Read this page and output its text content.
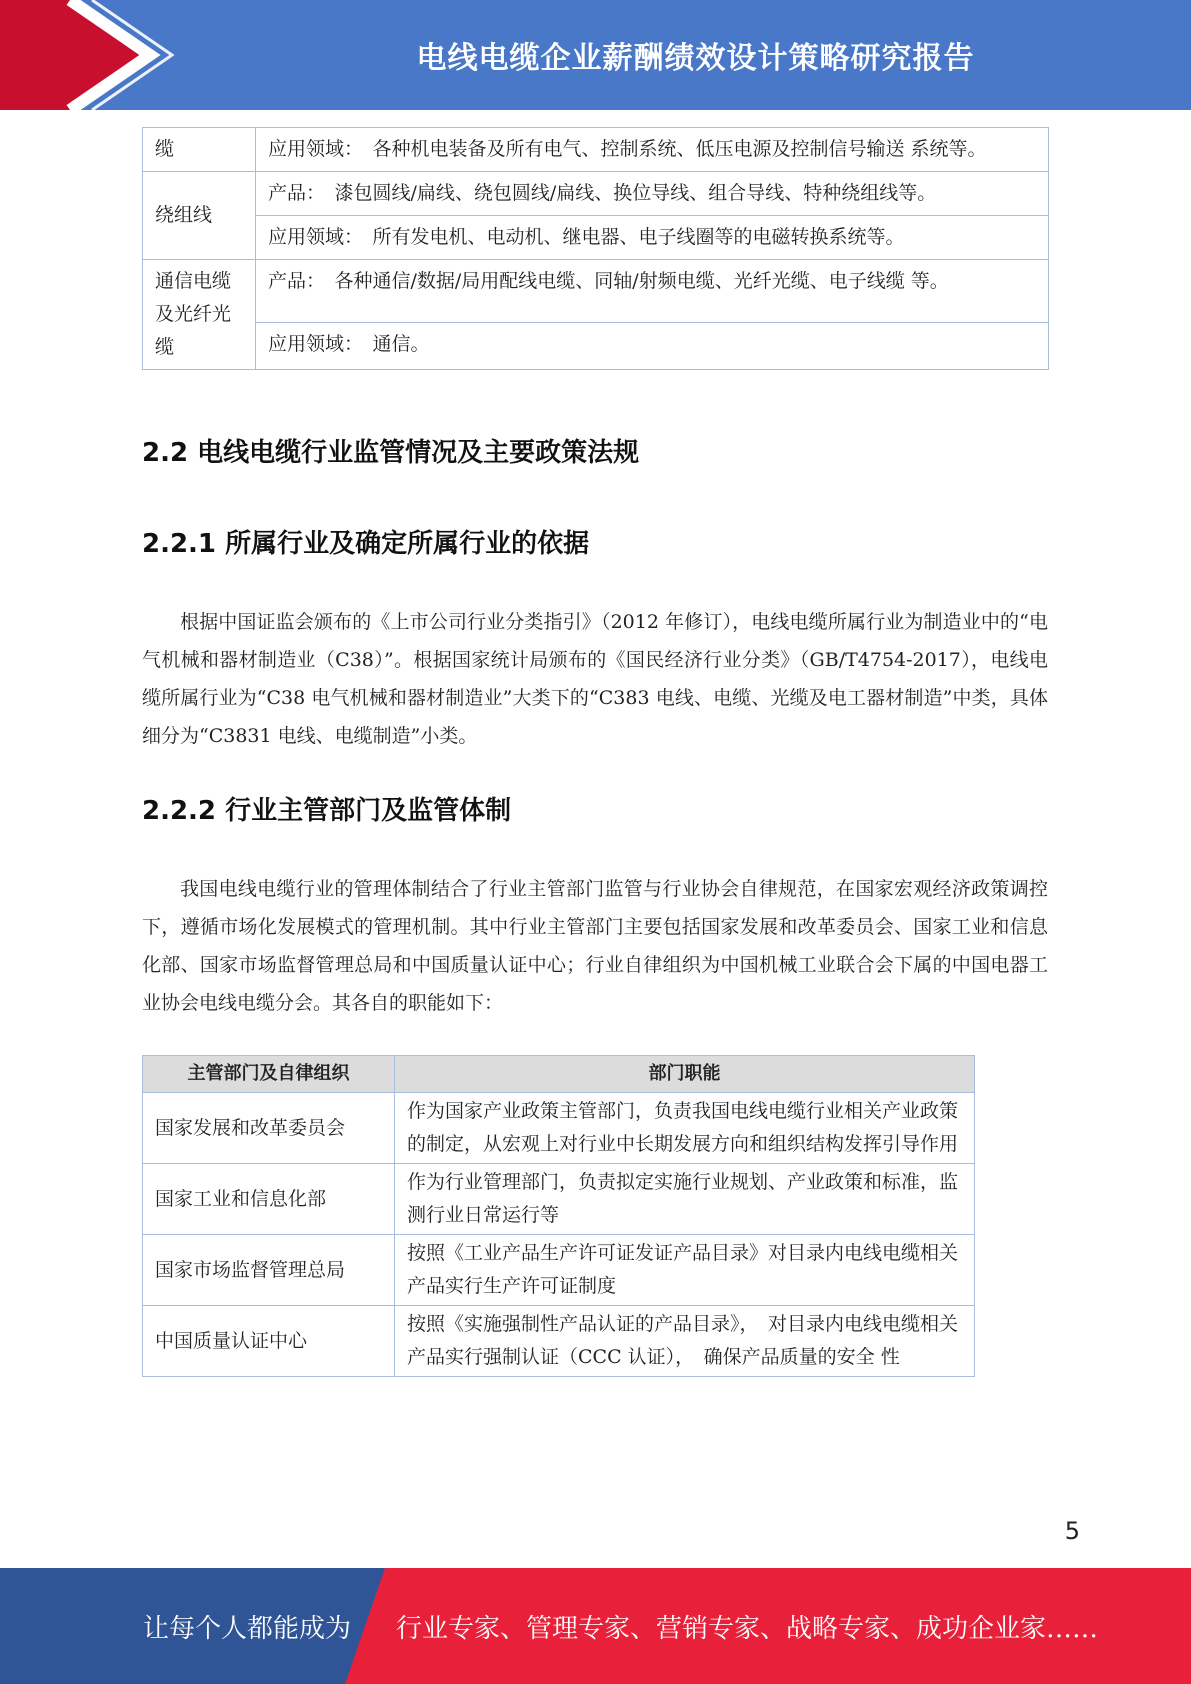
电线电缆企业薪酬绩效设计策略研究报告
缆	应用领域：　各种机电装备及所有电气、控制系统、低压电源及控制信号输送 系统等。
绕组线	产品：　漆包圆线/扁线、绕包圆线/扁线、换位导线、组合导线、特种绕组线等。
	应用领域：　所有发电机、电动机、继电器、电子线圈等的电磁转换系统等。
通信电缆及光纤光缆	产品：　各种通信/数据/局用配线电缆、同轴/射频电缆、光纤光缆、电子线缆 等。
	应用领域：　通信。
2.2 电线电缆行业监管情况及主要政策法规
2.2.1 所属行业及确定所属行业的依据

根据中国证监会颁布的《上市公司行业分类指引》（2012 年修订），电线电缆所属行业为制造业中的“电气机械和器材制造业（C38）”。根据国家统计局颁布的《国民经济行业分类》（GB/T4754-2017），电线电缆所属行业为“C38 电气机械和器材制造业”大类下的“C383 电线、电缆、光缆及电工器材制造”中类，具体细分为“C3831 电线、电缆制造”小类。

2.2.2 行业主管部门及监管体制

我国电线电缆行业的管理体制结合了行业主管部门监管与行业协会自律规范，在国家宏观经济政策调控下，遵循市场化发展模式的管理机制。其中行业主管部门主要包括国家发展和改革委员会、国家工业和信息化部、国家市场监督管理总局和中国质量认证中心；行业自律组织为中国机械工业联合会下属的中国电器工业协会电线电缆分会。其各自的职能如下：

主管部门及自律组织	部门职能
国家发展和改革委员会	作为国家产业政策主管部门，负责我国电线电缆行业相关产业政策的制定，从宏观上对行业中长期发展方向和组织结构发挥引导作用
国家工业和信息化部	作为行业管理部门，负责拟定实施行业规划、产业政策和标准，监测行业日常运行等
国家市场监督管理总局	按照《工业产品生产许可证发证产品目录》对目录内电线电缆相关产品实行生产许可证制度
中国质量认证中心	按照《实施强制性产品认证的产品目录》，　对目录内电线电缆相关产品实行强制认证（CCC 认证），　确保产品质量的安全 性
5
让每个人都能成为 行业专家、管理专家、营销专家、战略专家、成功企业家……
